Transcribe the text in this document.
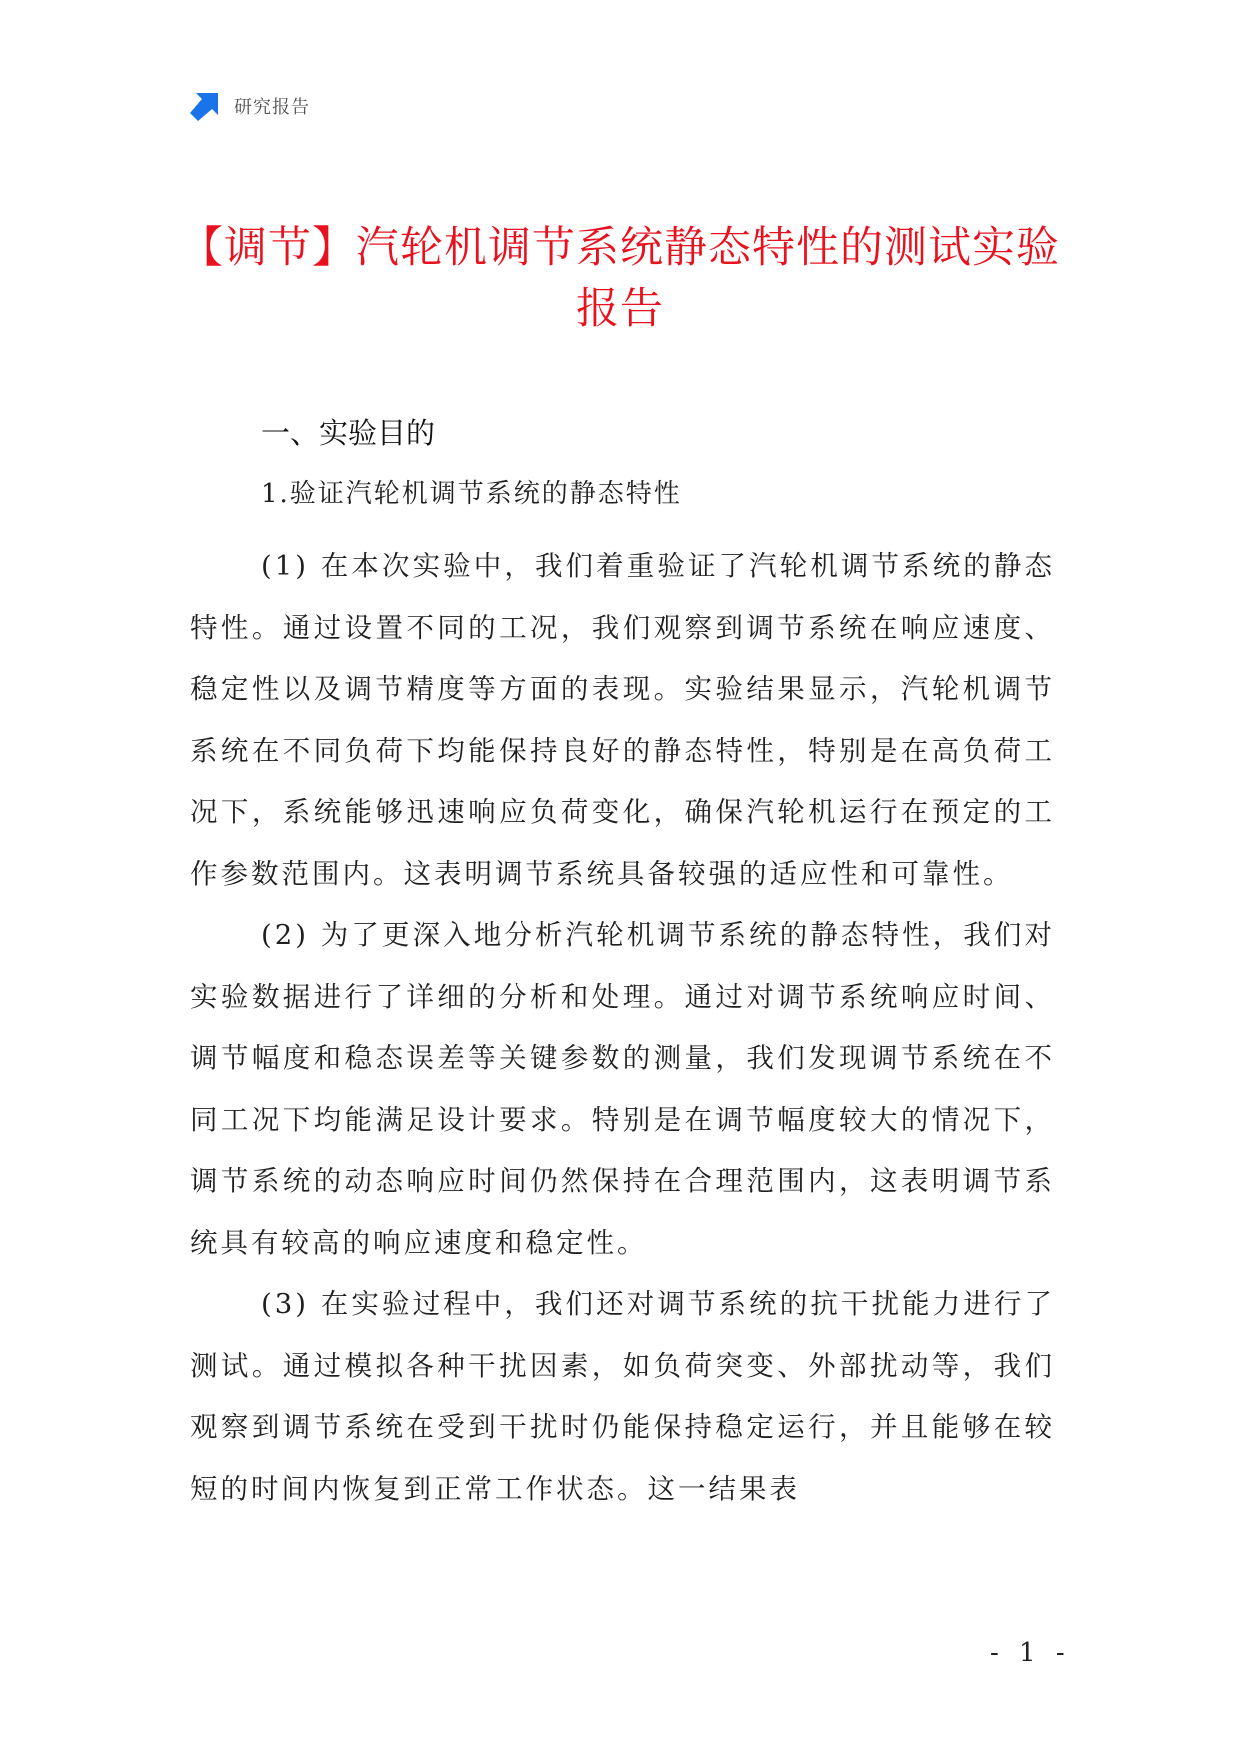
研究报告
【调节】汽轮机调节系统静态特性的测试实验报告
一、实验目的
1.验证汽轮机调节系统的静态特性

(1) 在本次实验中，我们着重验证了汽轮机调节系统的静态特性。通过设置不同的工况，我们观察到调节系统在响应速度、稳定性以及调节精度等方面的表现。实验结果显示，汽轮机调节系统在不同负荷下均能保持良好的静态特性，特别是在高负荷工况下，系统能够迅速响应负荷变化，确保汽轮机运行在预定的工作参数范围内。这表明调节系统具备较强的适应性和可靠性。

(2) 为了更深入地分析汽轮机调节系统的静态特性，我们对实验数据进行了详细的分析和处理。通过对调节系统响应时间、调节幅度和稳态误差等关键参数的测量，我们发现调节系统在不同工况下均能满足设计要求。特别是在调节幅度较大的情况下，调节系统的动态响应时间仍然保持在合理范围内，这表明调节系统具有较高的响应速度和稳定性。

(3) 在实验过程中，我们还对调节系统的抗干扰能力进行了测试。通过模拟各种干扰因素，如负荷突变、外部扰动等，我们观察到调节系统在受到干扰时仍能保持稳定运行，并且能够在较短的时间内恢复到正常工作状态。这一结果表

- 1 -
